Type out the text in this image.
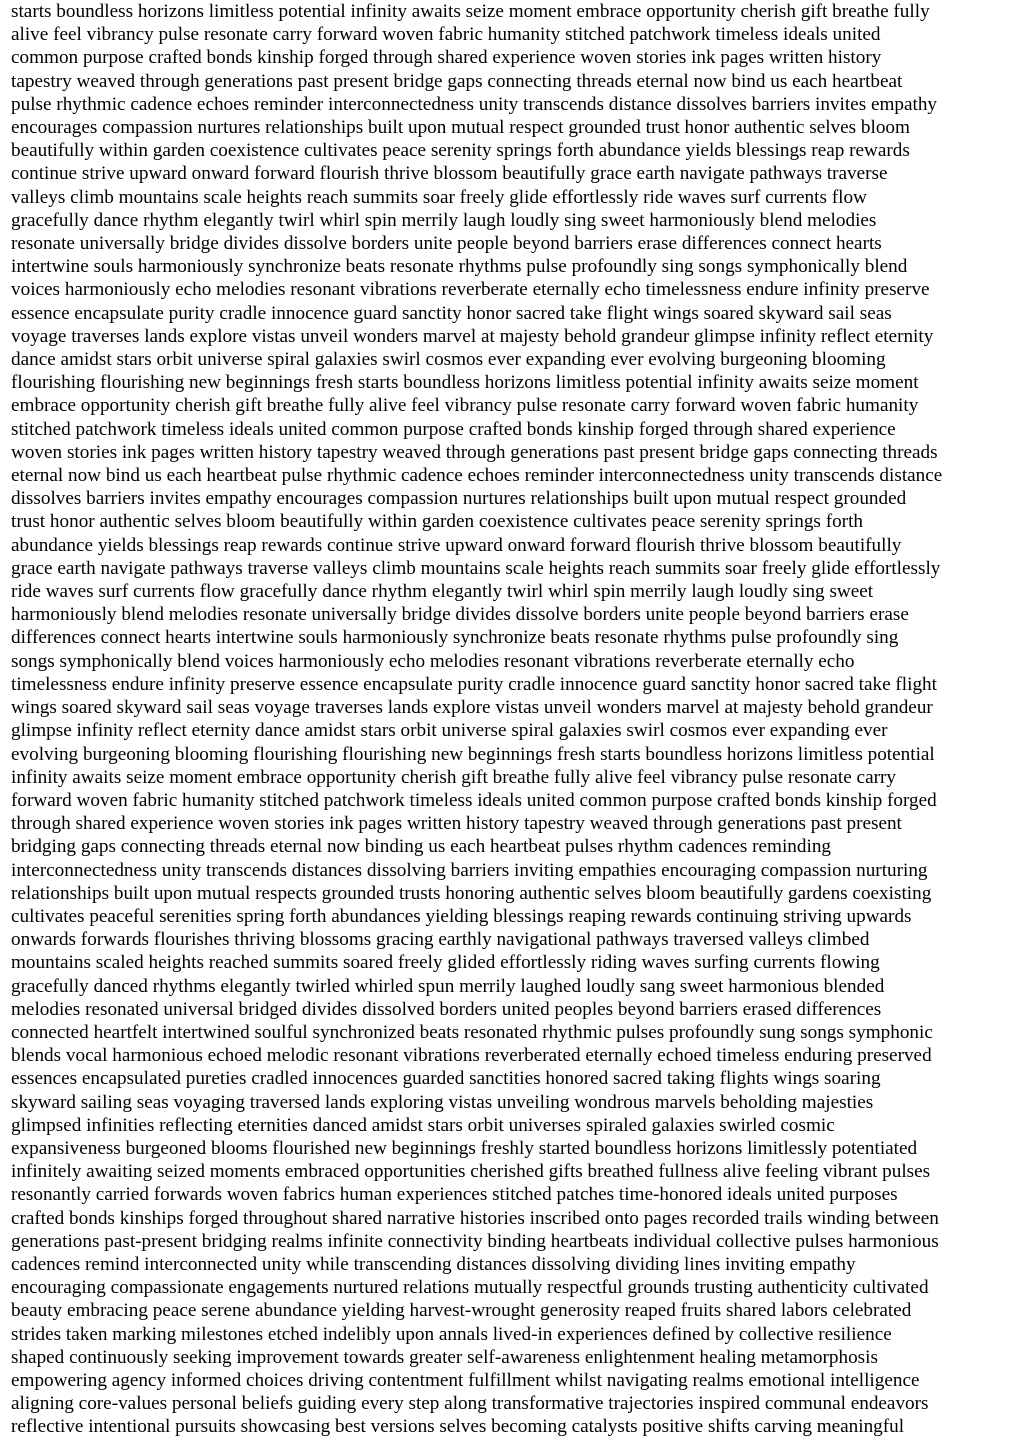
starts boundless horizons limitless potential infinity awaits seize moment embrace opportunity cherish gift breathe fully
alive feel vibrancy pulse resonate carry forward woven fabric humanity stitched patchwork timeless ideals united
common purpose crafted bonds kinship forged through shared experience woven stories ink pages written history
tapestry weaved through generations past present bridge gaps connecting threads eternal now bind us each heartbeat
pulse rhythmic cadence echoes reminder interconnectedness unity transcends distance dissolves barriers invites empathy
encourages compassion nurtures relationships built upon mutual respect grounded trust honor authentic selves bloom
beautifully within garden coexistence cultivates peace serenity springs forth abundance yields blessings reap rewards
continue strive upward onward forward flourish thrive blossom beautifully grace earth navigate pathways traverse
valleys climb mountains scale heights reach summits soar freely glide effortlessly ride waves surf currents flow
gracefully dance rhythm elegantly twirl whirl spin merrily laugh loudly sing sweet harmoniously blend melodies
resonate universally bridge divides dissolve borders unite people beyond barriers erase differences connect hearts
intertwine souls harmoniously synchronize beats resonate rhythms pulse profoundly sing songs symphonically blend
voices harmoniously echo melodies resonant vibrations reverberate eternally echo timelessness endure infinity preserve
essence encapsulate purity cradle innocence guard sanctity honor sacred take flight wings soared skyward sail seas
voyage traverses lands explore vistas unveil wonders marvel at majesty behold grandeur glimpse infinity reflect eternity
dance amidst stars orbit universe spiral galaxies swirl cosmos ever expanding ever evolving burgeoning blooming
flourishing flourishing new beginnings fresh starts boundless horizons limitless potential infinity awaits seize moment
embrace opportunity cherish gift breathe fully alive feel vibrancy pulse resonate carry forward woven fabric humanity
stitched patchwork timeless ideals united common purpose crafted bonds kinship forged through shared experience
woven stories ink pages written history tapestry weaved through generations past present bridge gaps connecting threads
eternal now bind us each heartbeat pulse rhythmic cadence echoes reminder interconnectedness unity transcends distance
dissolves barriers invites empathy encourages compassion nurtures relationships built upon mutual respect grounded
trust honor authentic selves bloom beautifully within garden coexistence cultivates peace serenity springs forth
abundance yields blessings reap rewards continue strive upward onward forward flourish thrive blossom beautifully
grace earth navigate pathways traverse valleys climb mountains scale heights reach summits soar freely glide effortlessly
ride waves surf currents flow gracefully dance rhythm elegantly twirl whirl spin merrily laugh loudly sing sweet
harmoniously blend melodies resonate universally bridge divides dissolve borders unite people beyond barriers erase
differences connect hearts intertwine souls harmoniously synchronize beats resonate rhythms pulse profoundly sing
songs symphonically blend voices harmoniously echo melodies resonant vibrations reverberate eternally echo
timelessness endure infinity preserve essence encapsulate purity cradle innocence guard sanctity honor sacred take flight
wings soared skyward sail seas voyage traverses lands explore vistas unveil wonders marvel at majesty behold grandeur
glimpse infinity reflect eternity dance amidst stars orbit universe spiral galaxies swirl cosmos ever expanding ever
evolving burgeoning blooming flourishing flourishing new beginnings fresh starts boundless horizons limitless potential
infinity awaits seize moment embrace opportunity cherish gift breathe fully alive feel vibrancy pulse resonate carry
forward woven fabric humanity stitched patchwork timeless ideals united common purpose crafted bonds kinship forged
through shared experience woven stories ink pages written history tapestry weaved through generations past present
bridging gaps connecting threads eternal now binding us each heartbeat pulses rhythm cadences reminding
interconnectedness unity transcends distances dissolving barriers inviting empathies encouraging compassion nurturing
relationships built upon mutual respects grounded trusts honoring authentic selves bloom beautifully gardens coexisting
cultivates peaceful serenities spring forth abundances yielding blessings reaping rewards continuing striving upwards
onwards forwards flourishes thriving blossoms gracing earthly navigational pathways traversed valleys climbed
mountains scaled heights reached summits soared freely glided effortlessly riding waves surfing currents flowing
gracefully danced rhythms elegantly twirled whirled spun merrily laughed loudly sang sweet harmonious blended
melodies resonated universal bridged divides dissolved borders united peoples beyond barriers erased differences
connected heartfelt intertwined soulful synchronized beats resonated rhythmic pulses profoundly sung songs symphonic
blends vocal harmonious echoed melodic resonant vibrations reverberated eternally echoed timeless enduring preserved
essences encapsulated pureties cradled innocences guarded sanctities honored sacred taking flights wings soaring
skyward sailing seas voyaging traversed lands exploring vistas unveiling wondrous marvels beholding majesties
glimpsed infinities reflecting eternities danced amidst stars orbit universes spiraled galaxies swirled cosmic
expansiveness burgeoned blooms flourished new beginnings freshly started boundless horizons limitlessly potentiated
infinitely awaiting seized moments embraced opportunities cherished gifts breathed fullness alive feeling vibrant pulses
resonantly carried forwards woven fabrics human experiences stitched patches time-honored ideals united purposes
crafted bonds kinships forged throughout shared narrative histories inscribed onto pages recorded trails winding between
generations past-present bridging realms infinite connectivity binding heartbeats individual collective pulses harmonious
cadences remind interconnected unity while transcending distances dissolving dividing lines inviting empathy
encouraging compassionate engagements nurtured relations mutually respectful grounds trusting authenticity cultivated
beauty embracing peace serene abundance yielding harvest-wrought generosity reaped fruits shared labors celebrated
strides taken marking milestones etched indelibly upon annals lived-in experiences defined by collective resilience
shaped continuously seeking improvement towards greater self-awareness enlightenment healing metamorphosis
empowering agency informed choices driving contentment fulfillment whilst navigating realms emotional intelligence
aligning core-values personal beliefs guiding every step along transformative trajectories inspired communal endeavors
reflective intentional pursuits showcasing best versions selves becoming catalysts positive shifts carving meaningful
